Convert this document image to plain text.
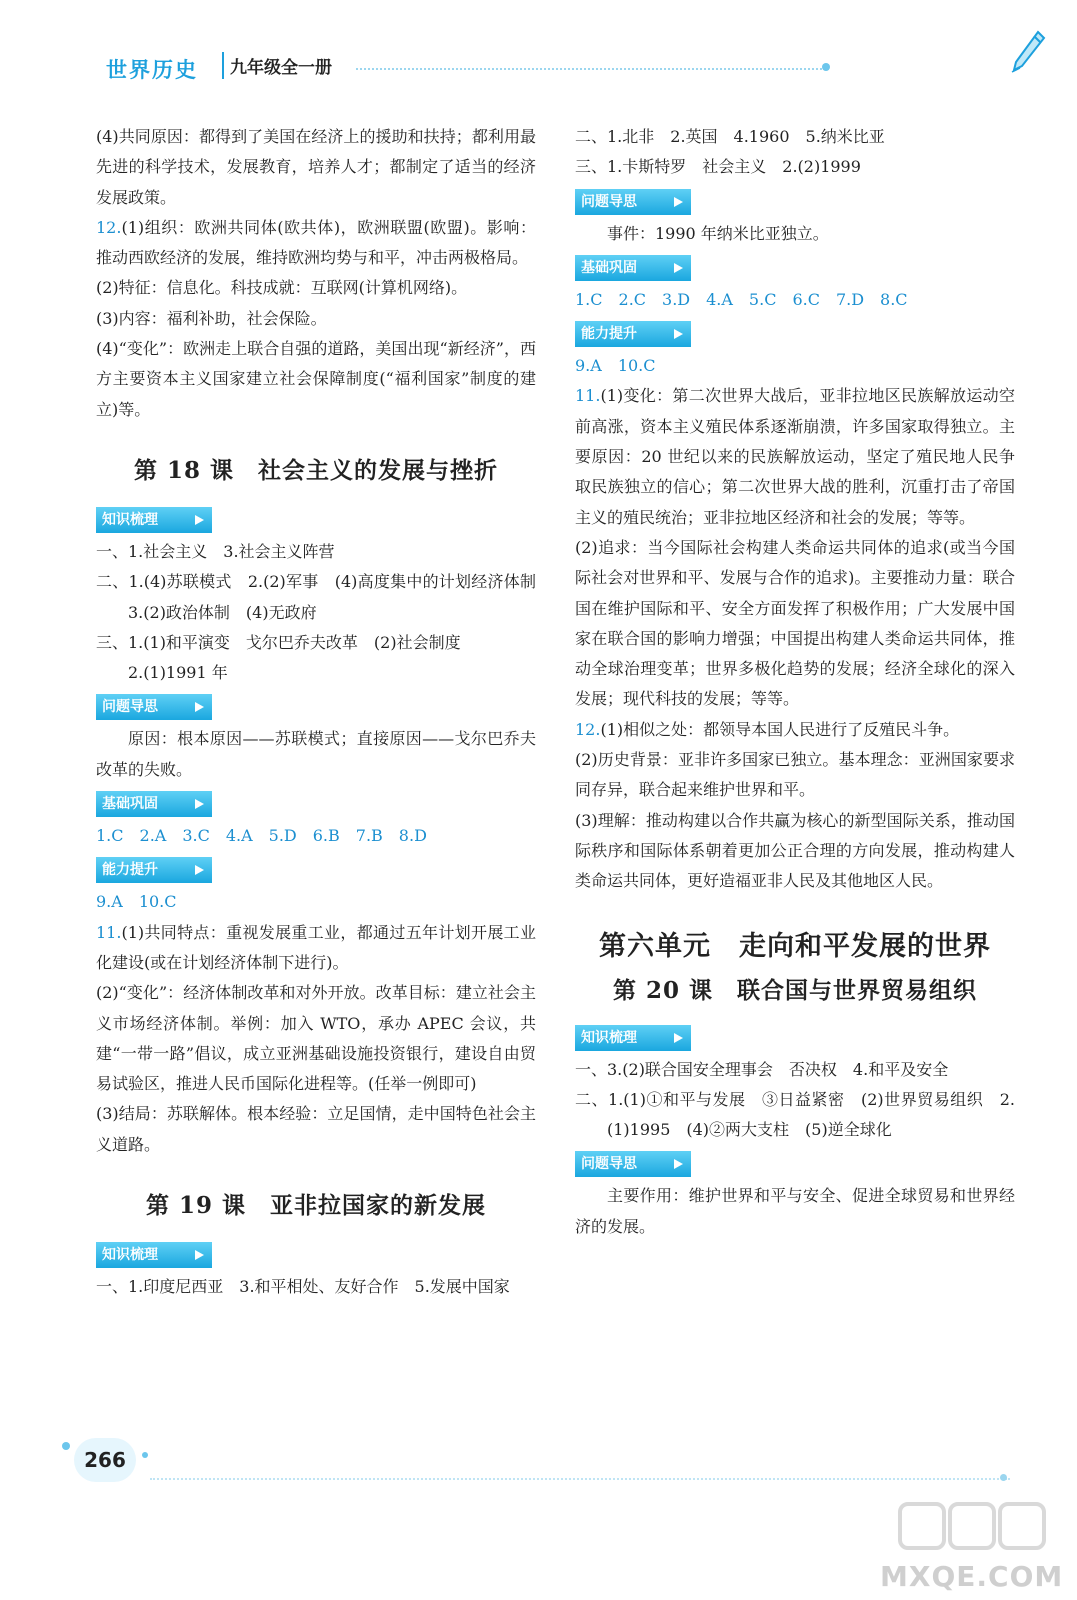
世界历史	九年级全一册

(4)共同原因：都得到了美国在经济上的援助和扶持；都利用最先进的科学技术，发展教育，培养人才；都制定了适当的经济发展政策。

12.(1)组织：欧洲共同体(欧共体)，欧洲联盟(欧盟)。影响：推动西欧经济的发展，维持欧洲均势与和平，冲击两极格局。

(2)特征：信息化。科技成就：互联网(计算机网络)。

(3)内容：福利补助，社会保险。

(4)“变化”：欧洲走上联合自强的道路，美国出现“新经济”，西方主要资本主义国家建立社会保障制度(“福利国家”制度的建立)等。

第 18 课　社会主义的发展与挫折
知识梳理

一、1.社会主义　3.社会主义阵营

二、1.(4)苏联模式　2.(2)军事　(4)高度集中的计划经济体制　3.(2)政治体制　(4)无政府

三、1.(1)和平演变　戈尔巴乔夫改革　(2)社会制度

2.(1)1991 年

问题导思

原因：根本原因——苏联模式；直接原因——戈尔巴乔夫改革的失败。

基础巩固

1.C　2.A　3.C　4.A　5.D　6.B　7.B　8.D

能力提升

9.A　10.C

11.(1)共同特点：重视发展重工业，都通过五年计划开展工业化建设(或在计划经济体制下进行)。

(2)“变化”：经济体制改革和对外开放。改革目标：建立社会主义市场经济体制。举例：加入 WTO，承办 APEC 会议，共建“一带一路”倡议，成立亚洲基础设施投资银行，建设自由贸易试验区，推进人民币国际化进程等。(任举一例即可)

(3)结局：苏联解体。根本经验：立足国情，走中国特色社会主义道路。

第 19 课　亚非拉国家的新发展
知识梳理

一、1.印度尼西亚　3.和平相处、友好合作　5.发展中国家

二、1.北非　2.英国　4.1960　5.纳米比亚

三、1.卡斯特罗　社会主义　2.(2)1999

问题导思

事件：1990 年纳米比亚独立。

基础巩固

1.C　2.C　3.D　4.A　5.C　6.C　7.D　8.C

能力提升

9.A　10.C

11.(1)变化：第二次世界大战后，亚非拉地区民族解放运动空前高涨，资本主义殖民体系逐渐崩溃，许多国家取得独立。主要原因：20 世纪以来的民族解放运动，坚定了殖民地人民争取民族独立的信心；第二次世界大战的胜利，沉重打击了帝国主义的殖民统治；亚非拉地区经济和社会的发展；等等。

(2)追求：当今国际社会构建人类命运共同体的追求(或当今国际社会对世界和平、发展与合作的追求)。主要推动力量：联合国在维护国际和平、安全方面发挥了积极作用；广大发展中国家在联合国的影响力增强；中国提出构建人类命运共同体，推动全球治理变革；世界多极化趋势的发展；经济全球化的深入发展；现代科技的发展；等等。

12.(1)相似之处：都领导本国人民进行了反殖民斗争。

(2)历史背景：亚非许多国家已独立。基本理念：亚洲国家要求同存异，联合起来维护世界和平。

(3)理解：推动构建以合作共赢为核心的新型国际关系，推动国际秩序和国际体系朝着更加公正合理的方向发展，推动构建人类命运共同体，更好造福亚非人民及其他地区人民。

第六单元　走向和平发展的世界
第 20 课　联合国与世界贸易组织
知识梳理

一、3.(2)联合国安全理事会　否决权　4.和平及安全

二、1.(1)①和平与发展　③日益紧密　(2)世界贸易组织　2.(1)1995　(4)②两大支柱　(5)逆全球化

问题导思

主要作用：维护世界和平与安全、促进全球贸易和世界经济的发展。

266
MXQE.COM
